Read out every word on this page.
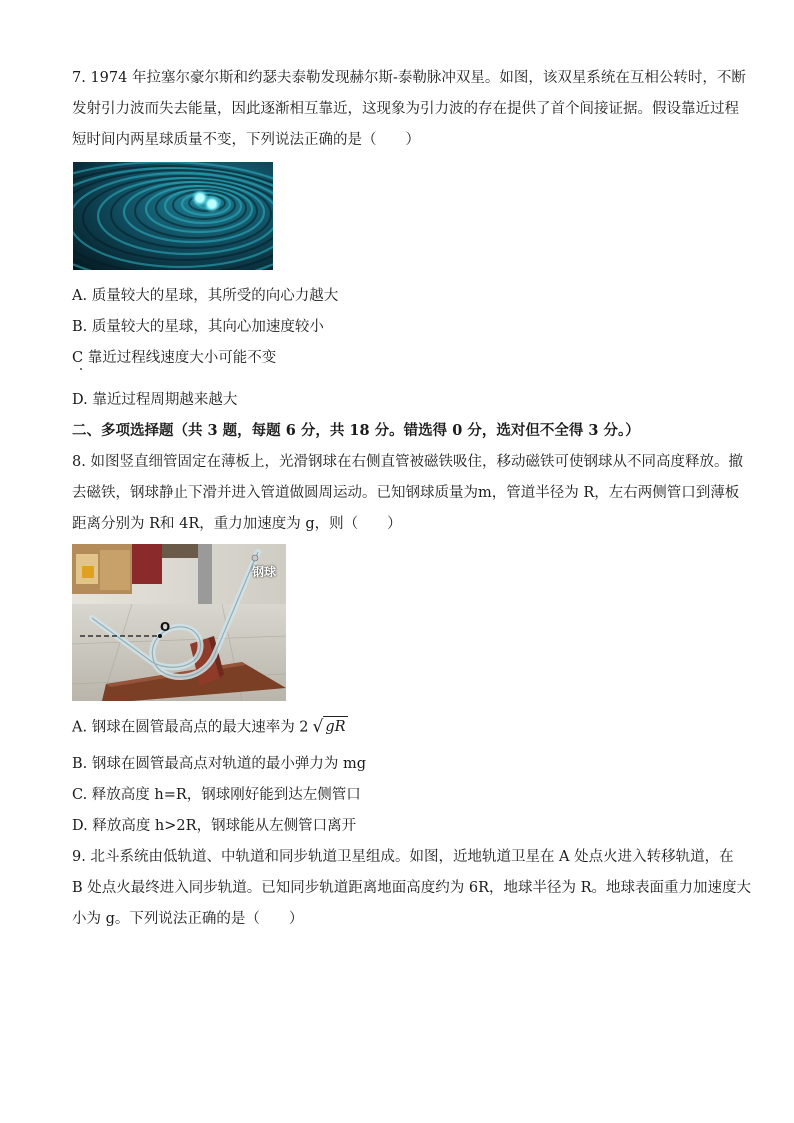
7. 1974 年拉塞尔豪尔斯和约瑟夫泰勒发现赫尔斯-泰勒脉冲双星。如图，该双星系统在互相公转时，不断
发射引力波而失去能量，因此逐渐相互靠近，这现象为引力波的存在提供了首个间接证据。假设靠近过程
短时间内两星球质量不变，下列说法正确的是（　　）
A. 质量较大的星球，其所受的向心力越大
B. 质量较大的星球，其向心加速度较小
C 靠近过程线速度大小可能不变
D. 靠近过程周期越来越大
二、多项选择题（共 3 题，每题 6 分，共 18 分。错选得 0 分，选对但不全得 3 分。）
8. 如图竖直细管固定在薄板上，光滑钢球在右侧直管被磁铁吸住，移动磁铁可使钢球从不同高度释放。撤
去磁铁，钢球静止下滑并进入管道做圆周运动。已知钢球质量为m，管道半径为 R，左右两侧管口到薄板
距离分别为 R和 4R，重力加速度为 g，则（　　）
钢球
O
A. 钢球在圆管最高点的最大速率为 2 √ gR
B. 钢球在圆管最高点对轨道的最小弹力为 mg
C. 释放高度 h=R，钢球刚好能到达左侧管口
D. 释放高度 h>2R，钢球能从左侧管口离开
9. 北斗系统由低轨道、中轨道和同步轨道卫星组成。如图，近地轨道卫星在 A 处点火进入转移轨道，在
B 处点火最终进入同步轨道。已知同步轨道距离地面高度约为 6R，地球半径为 R。地球表面重力加速度大
小为 g。下列说法正确的是（　　）
